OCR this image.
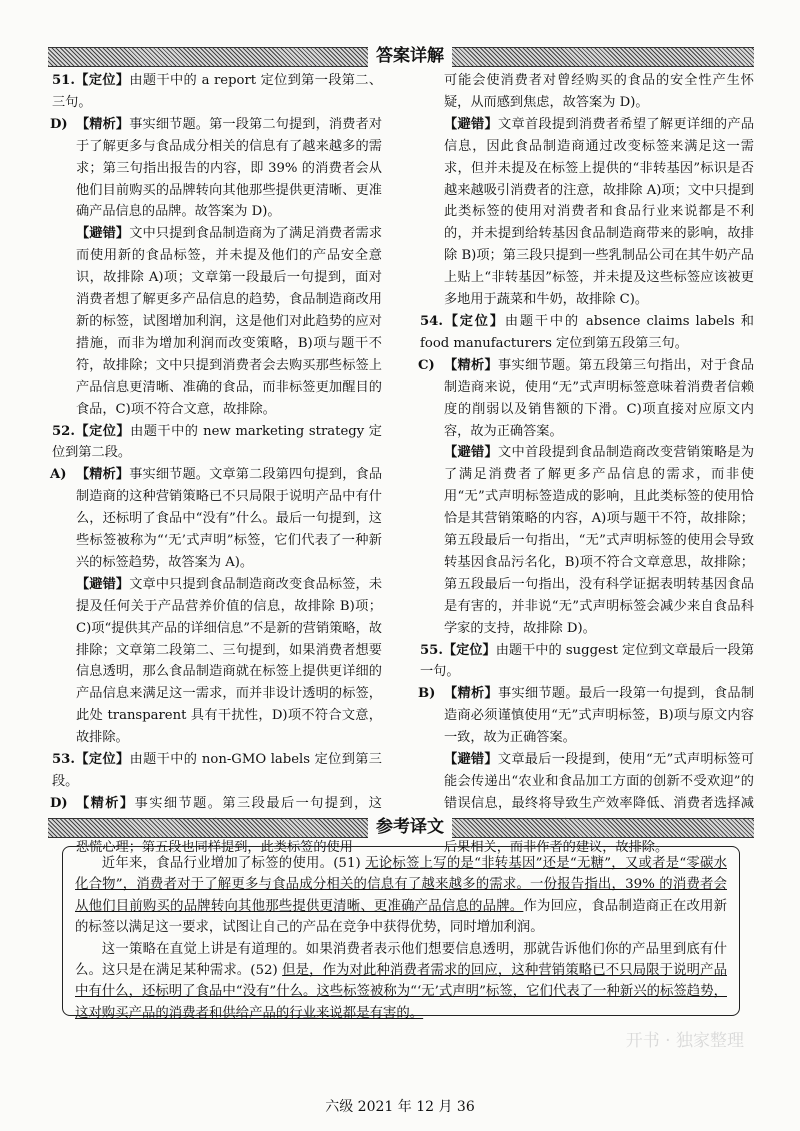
答案详解
51.【定位】由题干中的 a report 定位到第一段第二、三句。
D) 【精析】事实细节题。第一段第二句提到，消费者对于了解更多与食品成分相关的信息有了越来越多的需求；第三句指出报告的内容，即 39% 的消费者会从他们目前购买的品牌转向其他那些提供更清晰、更准确产品信息的品牌。故答案为 D)。
【避错】文中只提到食品制造商为了满足消费者需求而使用新的食品标签，并未提及他们的产品安全意识，故排除 A)项；文章第一段最后一句提到，面对消费者想了解更多产品信息的趋势，食品制造商改用新的标签，试图增加利润，这是他们对此趋势的应对措施，而非为增加利润而改变策略，B)项与题干不符，故排除；文中只提到消费者会去购买那些标签上产品信息更清晰、准确的食品，而非标签更加醒目的食品，C)项不符合文意，故排除。
52.【定位】由题干中的 new marketing strategy 定位到第二段。
A) 【精析】事实细节题。文章第二段第四句提到，食品制造商的这种营销策略已不只局限于说明产品中有什么，还标明了食品中“没有”什么。最后一句提到，这些标签被称为“‘无’式声明”标签，它们代表了一种新兴的标签趋势，故答案为 A)。
【避错】文章中只提到食品制造商改变食品标签，未提及任何关于产品营养价值的信息，故排除 B)项；C)项“提供其产品的详细信息”不是新的营销策略，故排除；文章第二段第二、三句提到，如果消费者想要信息透明，那么食品制造商就在标签上提供更详细的产品信息来满足这一需求，而并非设计透明的标签，此处 transparent 具有干扰性，D)项不符合文意，故排除。
53.【定位】由题干中的 non-GMO labels 定位到第三段。
D) 【精析】事实细节题。第三段最后一句提到，这 恐慌心理；第五段也同样提到，此类标签的使用
可能会使消费者对曾经购买的食品的安全性产生怀疑，从而感到焦虑，故答案为 D)。
【避错】文章首段提到消费者希望了解更详细的产品信息，因此食品制造商通过改变标签来满足这一需求，但并未提及在标签上提供的“非转基因”标识是否越来越吸引消费者的注意，故排除 A)项；文中只提到此类标签的使用对消费者和食品行业来说都是不利的，并未提到给转基因食品制造商带来的影响，故排除 B)项；第三段只提到一些乳制品公司在其牛奶产品上贴上“非转基因”标签，并未提及这些标签应该被更多地用于蔬菜和牛奶，故排除 C)。
54.【定位】由题干中的 absence claims labels 和 food manufacturers 定位到第五段第三句。
C) 【精析】事实细节题。第五段第三句指出，对于食品制造商来说，使用“无”式声明标签意味着消费者信赖度的削弱以及销售额的下滑。C)项直接对应原文内容，故为正确答案。
【避错】文中首段提到食品制造商改变营销策略是为了满足消费者了解更多产品信息的需求，而非使用“无”式声明标签造成的影响，且此类标签的使用恰恰是其营销策略的内容，A)项与题干不符，故排除；第五段最后一句指出，“无”式声明标签的使用会导致转基因食品污名化，B)项不符合文章意思，故排除；第五段最后一句指出，没有科学证据表明转基因食品是有害的，并非说“无”式声明标签会减少来自食品科学家的支持，故排除 D)。
55.【定位】由题干中的 suggest 定位到文章最后一段第一句。
B) 【精析】事实细节题。最后一段第一句提到，食品制造商必须谨慎使用“无”式声明标签，B)项与原文内容一致，故为正确答案。
【避错】文章最后一段提到，使用“无”式声明标签可能会传递出“农业和食品加工方面的创新不受欢迎”的错误信息，最终将导致生产效率降低、消费者选择减 后果相关，而非作者的建议，故排除。
参考译文

近年来，食品行业增加了标签的使用。(51) 无论标签上写的是“非转基因”还是“无糖”，又或者是“零碳水化合物”，消费者对于了解更多与食品成分相关的信息有了越来越多的需求。一份报告指出，39% 的消费者会从他们目前购买的品牌转向其他那些提供更清晰、更准确产品信息的品牌。作为回应，食品制造商正在改用新的标签以满足这一要求，试图让自己的产品在竞争中获得优势，同时增加利润。

这一策略在直觉上讲是有道理的。如果消费者表示他们想要信息透明，那就告诉他们你的产品里到底有什么。这只是在满足某种需求。(52) 但是，作为对此种消费者需求的回应，这种营销策略已不只局限于说明产品中有什么，还标明了食品中“没有”什么。这些标签被称为“‘无’式声明”标签，它们代表了一种新兴的标签趋势，这对购买产品的消费者和供给产品的行业来说都是有害的。

开书 · 独家整理
六级 2021 年 12 月 36
